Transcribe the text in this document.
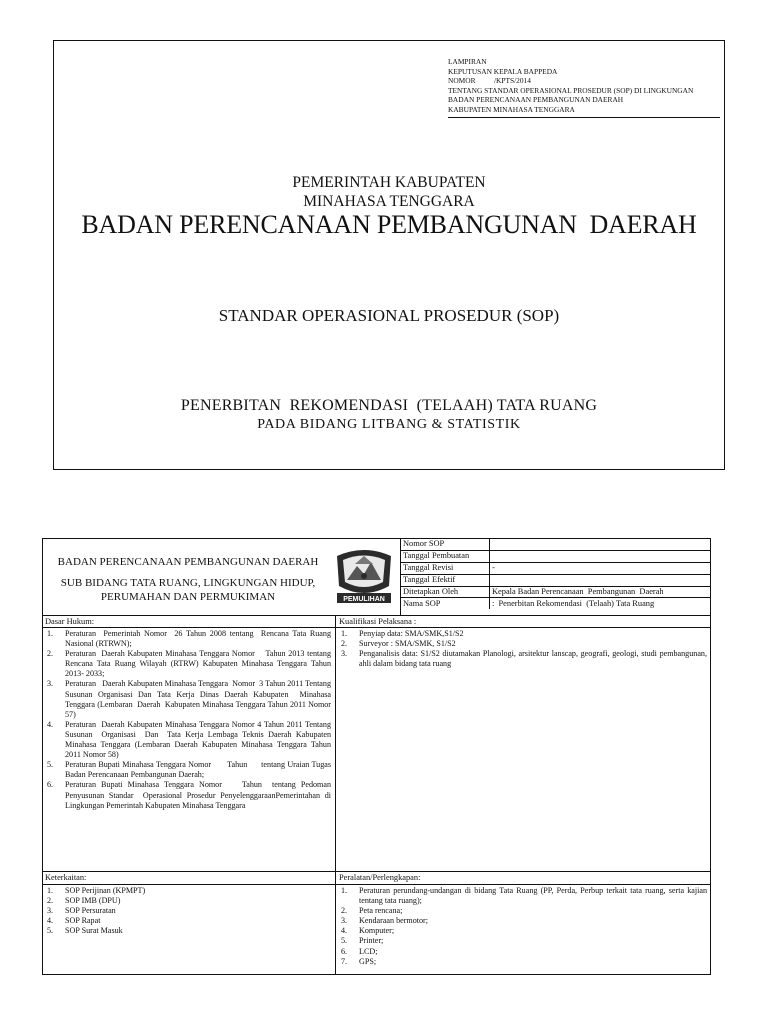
LAMPIRAN
KEPUTUSAN KEPALA BAPPEDA
NOMOR          /KPTS/2014
TENTANG STANDAR OPERASIONAL PROSEDUR (SOP) DI LINGKUNGAN
BADAN PERENCANAAN PEMBANGUNAN DAERAH
KABUPATEN MINAHASA TENGGARA
PEMERINTAH KABUPATEN
MINAHASA TENGGARA
BADAN PERENCANAAN PEMBANGUNAN  DAERAH
STANDAR OPERASIONAL PROSEDUR (SOP)
PENERBITAN  REKOMENDASI  (TELAAH) TATA RUANG
PADA BIDANG LITBANG & STATISTIK
BADAN PERENCANAAN PEMBANGUNAN DAERAH
SUB BIDANG TATA RUANG, LINGKUNGAN HIDUP,
PERUMAHAN DAN PERMUKIMAN	PEMULIHAN
Nomor SOP	
Tanggal Pembuatan	
Tanggal Revisi	-
Tanggal Efektif	
Ditetapkan Oleh	Kepala Badan Perencanaan  Pembangunan  Daerah
Nama SOP	:  Penerbitan Rekomendasi  (Telaah) Tata Ruang
Dasar Hukum:
1. Peraturan  Pemerintah Nomor  26 Tahun 2008 tentang  Rencana Tata Ruang Nasional (RTRWN);
2. Peraturan  Daerah Kabupaten Minahasa Tenggara Nomor    Tahun 2013 tentang Rencana Tata Ruang Wilayah (RTRW) Kabupaten Minahasa Tenggara Tahun  2013- 2033;
3. Peraturan   Daerah Kabupaten Minahasa Tenggara  Nomor  3 Tahun 2011 Tentang Susunan Organisasi Dan Tata Kerja Dinas Daerah Kabupaten  Minahasa  Tenggara (Lembaran  Daerah  Kabupaten Minahasa Tenggara Tahun 2011 Nomor 57)
4. Peraturan  Daerah Kabupaten Minahasa Tenggara Nomor 4 Tahun 2011 Tentang  Susunan  Organisasi  Dan  Tata Kerja Lembaga Teknis Daerah Kabupaten Minahasa Tenggara (Lembaran Daerah Kabupaten Minahasa Tenggara Tahun 2011 Nomor 58)
5. Peraturan Bupati Minahasa Tenggara Nomor       Tahun      tentang Uraian Tugas   Badan Perencanaan Pembangunan Daerah;
6. Peraturan Bupati Minahasa Tenggara Nomor    Tahun  tentang Pedoman Penyusunan Standar  Operasional Prosedur PenyelenggaraanPemerintahan di Lingkungan Pemerintah Kabupaten Minahasa Tenggara
Kualifikasi Pelaksana :
1. Penyiap data: SMA/SMK,S1/S2
2. Surveyor : SMA/SMK, S1/S2
3. Penganalisis data: S1/S2 diutamakan Planologi, arsitektur lanscap, geografi, geologi, studi pembangunan, ahli dalam bidang tata ruang
Keterkaitan:
1. SOP Perijinan (KPMPT)
2. SOP IMB (DPU)
3. SOP Persuratan
4. SOP Rapat
5. SOP Surat Masuk
Peralatan/Perlengkapan:
1. Peraturan perundang-undangan di bidang Tata Ruang (PP, Perda, Perbup terkait tata ruang, serta kajian tentang tata ruang);
2. Peta rencana;
3. Kendaraan bermotor;
4. Komputer;
5. Printer;
6. LCD;
7. GPS;
